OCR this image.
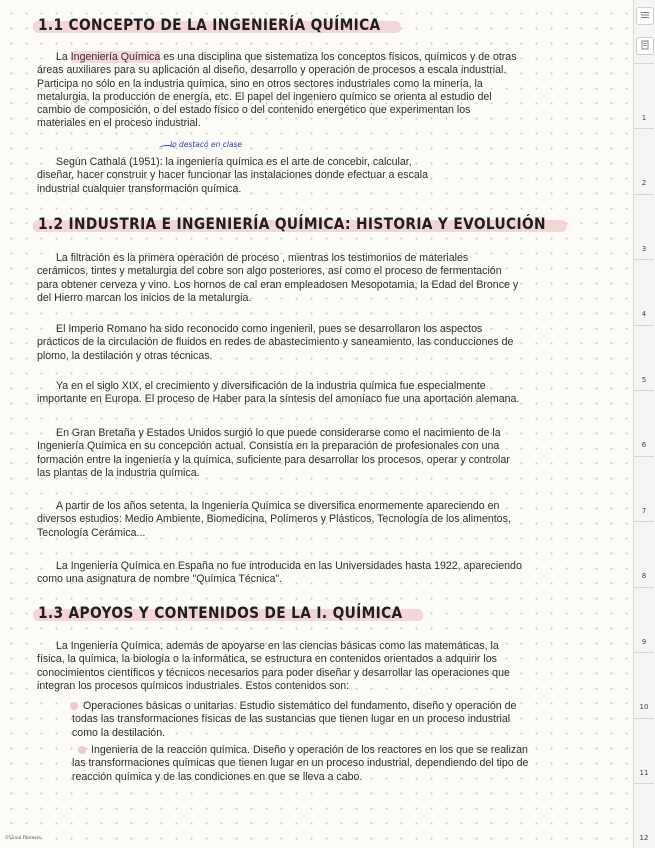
1.1 CONCEPTO DE LA INGENIERÍA QUÍMICA
La Ingeniería Química es una disciplina que sistematiza los conceptos físicos, químicos y de otras
áreas auxiliares para su aplicación al diseño, desarrollo y operación de procesos a escala industrial.
Participa no sólo en la industria química, sino en otros sectores industriales como la minería, la
metalurgia, la producción de energía, etc. El papel del ingeniero químico se orienta al estudio del
cambio de composición, o del estado físico o del contenido energético que experimentan los
materiales en el proceso industrial.
lo destacó en clase
Según Cathalá (1951): la ingeniería química es el arte de concebir, calcular,
diseñar, hacer construir y hacer funcionar las instalaciones donde efectuar a escala
industrial cualquier transformación química.
1.2 INDUSTRIA E INGENIERÍA QUÍMICA: HISTORIA Y EVOLUCIÓN
La filtración es la primera operación de proceso , mientras los testimonios de materiales
cerámicos, tintes y metalurgia del cobre son algo posteriores, así como el proceso de fermentación
para obtener cerveza y vino. Los hornos de cal eran empleadosen Mesopotamia, la Edad del Bronce y
del Hierro marcan los inicios de la metalurgia.
El Imperio Romano ha sido reconocido como ingenieril, pues se desarrollaron los aspectos
prácticos de la circulación de fluidos en redes de abastecimiento y saneamiento, las conducciones de
plomo, la destilación y otras técnicas.
Ya en el siglo XIX, el crecimiento y diversificación de la industria química fue especialmente
importante en Europa. El proceso de Haber para la síntesis del amoníaco fue una aportación alemana.
En Gran Bretaña y Estados Unidos surgió lo que puede considerarse como el nacimiento de la
Ingeniería Química en su concepción actual. Consistía en la preparación de profesionales con una
formación entre la ingeniería y la química, suficiente para desarrollar los procesos, operar y controlar
las plantas de la industria química.
A partir de los años setenta, la Ingeniería Química se diversifica enormemente apareciendo en
diversos estudios: Medio Ambiente, Biomedicina, Polímeros y Plásticos, Tecnología de los alimentos,
Tecnología Cerámica...
La Ingeniería Química en España no fue introducida en las Universidades hasta 1922, apareciendo
como una asignatura de nombre "Química Técnica".
1.3 APOYOS Y CONTENIDOS DE LA I. QUÍMICA
La Ingeniería Química, además de apoyarse en las ciencias básicas como las matemáticas, la
física, la química, la biología o la informática, se estructura en contenidos orientados a adquirir los
conocimientos científicos y técnicos necesarios para poder diseñar y desarrollar las operaciones que
integran los procesos químicos industriales. Estos contenidos son:
Operaciones básicas o unitarias. Estudio sistemático del fundamento, diseño y operación de
todas las transformaciones físicas de las sustancias que tienen lugar en un proceso industrial
como la destilación.
Ingeniería de la reacción química. Diseño y operación de los reactores en los que se realizan
las transformaciones químicas que tienen lugar en un proceso industrial, dependiendo del tipo de
reacción química y de las condiciones en que se lleva a cabo.
©Úrsul Plomers
1
2
3
4
5
6
7
8
9
10
11
12
